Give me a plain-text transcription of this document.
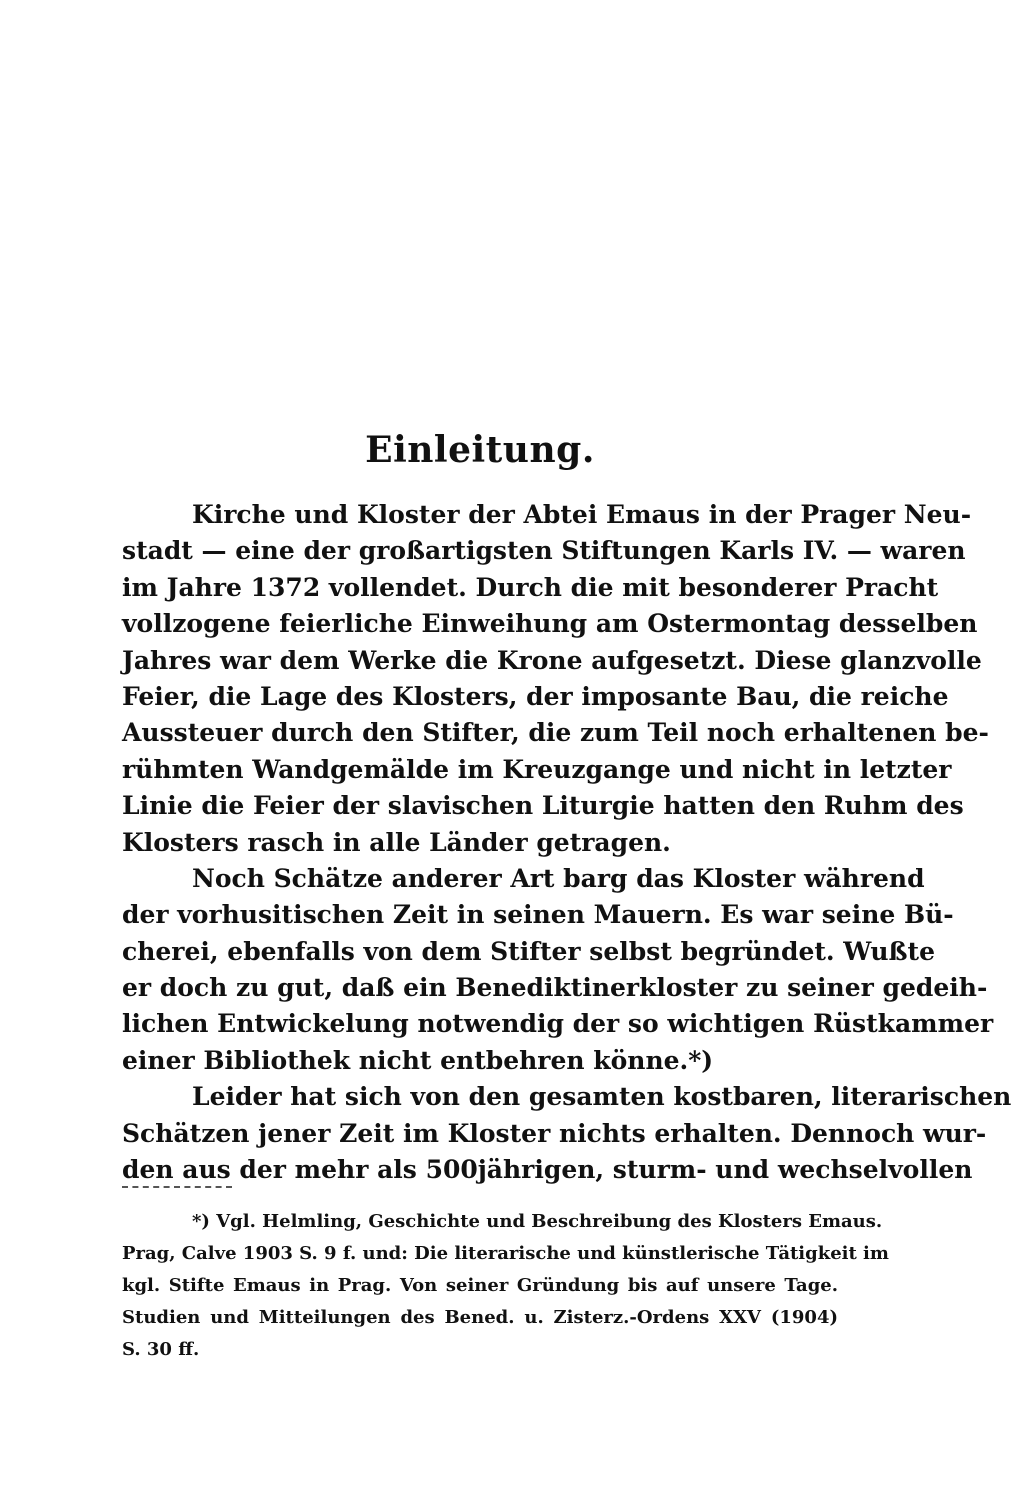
Einleitung.

Kirche und Kloster der Abtei Emaus in der Prager Neu-
stadt — eine der großartigsten Stiftungen Karls IV. — waren
im Jahre 1372 vollendet. Durch die mit besonderer Pracht
vollzogene feierliche Einweihung am Ostermontag desselben
Jahres war dem Werke die Krone aufgesetzt. Diese glanzvolle
Feier, die Lage des Klosters, der imposante Bau, die reiche
Aussteuer durch den Stifter, die zum Teil noch erhaltenen be-
rühmten Wandgemälde im Kreuzgange und nicht in letzter
Linie die Feier der slavischen Liturgie hatten den Ruhm des
Klosters rasch in alle Länder getragen.

Noch Schätze anderer Art barg das Kloster während
der vorhusitischen Zeit in seinen Mauern. Es war seine Bü-
cherei, ebenfalls von dem Stifter selbst begründet. Wußte
er doch zu gut, daß ein Benediktinerkloster zu seiner gedeih-
lichen Entwickelung notwendig der so wichtigen Rüstkammer
einer Bibliothek nicht entbehren könne.*)

Leider hat sich von den gesamten kostbaren, literarischen
Schätzen jener Zeit im Kloster nichts erhalten. Dennoch wur-
den aus der mehr als 500jährigen, sturm- und wechselvollen

*) Vgl. Helmling, Geschichte und Beschreibung des Klosters Emaus.
Prag, Calve 1903 S. 9 f. und: Die literarische und künstlerische Tätigkeit im
kgl. Stifte Emaus in Prag. Von seiner Gründung bis auf unsere Tage.
Studien und Mitteilungen des Bened. u. Zisterz.-Ordens XXV (1904)
S. 30 ff.
